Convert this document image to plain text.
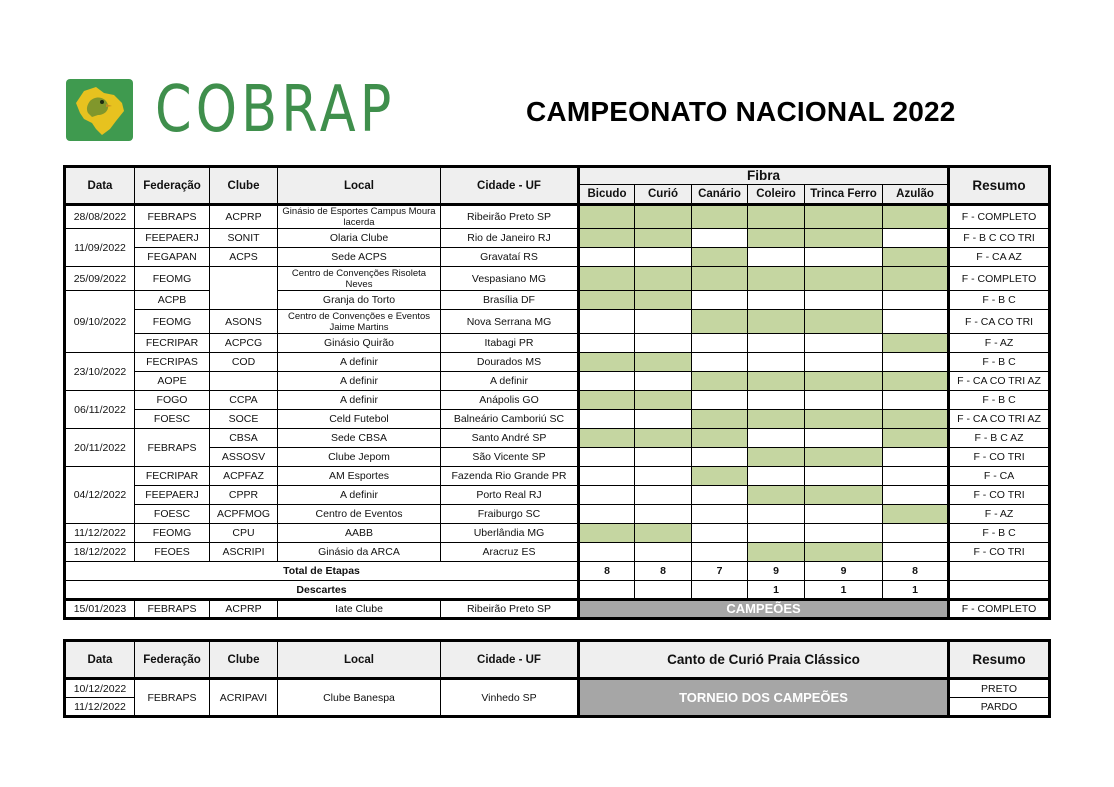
COBRAP	CAMPEONATO NACIONAL 2022
Data	Federação	Clube	Local	Cidade - UF	Fibra						Resumo
					Bicudo	Curió	Canário	Coleiro	Trinca Ferro	Azulão	
28/08/2022	FEBRAPS	ACPRP	Ginásio de Esportes Campus Moura lacerda	Ribeirão Preto SP							F - COMPLETO
11/09/2022	FEEPAERJ	SONIT	Olaria Clube	Rio de Janeiro RJ							F - B C CO TRI
	FEGAPAN	ACPS	Sede ACPS	Gravataí RS							F - CA AZ
25/09/2022	FEOMG		Centro de Convenções Risoleta Neves	Vespasiano MG							F - COMPLETO
09/10/2022	ACPB		Granja do Torto	Brasília DF							F - B C
	FEOMG	ASONS	Centro de Convenções e Eventos Jaime Martins	Nova Serrana MG							F - CA CO TRI
	FECRIPAR	ACPCG	Ginásio Quirão	Itabagi PR							F - AZ
23/10/2022	FECRIPAS	COD	A definir	Dourados MS							F - B C
	AOPE		A definir	A definir							F - CA CO TRI AZ
06/11/2022	FOGO	CCPA	A definir	Anápolis GO							F - B C
	FOESC	SOCE	Celd Futebol	Balneário Camboriú SC							F - CA CO TRI AZ
20/11/2022	FEBRAPS	CBSA	Sede CBSA	Santo André SP							F - B C AZ
		ASSOSV	Clube Jepom	São Vicente SP							F - CO TRI
04/12/2022	FECRIPAR	ACPFAZ	AM Esportes	Fazenda Rio Grande PR							F - CA
	FEEPAERJ	CPPR	A definir	Porto Real RJ							F - CO TRI
	FOESC	ACPFMOG	Centro de Eventos	Fraiburgo SC							F - AZ
11/12/2022	FEOMG	CPU	AABB	Uberlândia MG							F - B C
18/12/2022	FEOES	ASCRIPI	Ginásio da ARCA	Aracruz ES							F - CO TRI
Total de Etapas					8	8	7	9	9	8	
Descartes								1	1	1	
15/01/2023	FEBRAPS	ACPRP	Iate Clube	Ribeirão Preto SP	CAMPEÕES						F - COMPLETO
Data	Federação	Clube	Local	Cidade - UF	Canto de Curió Praia Clássico	Resumo
10/12/2022	FEBRAPS	ACRIPAVI	Clube Banespa	Vinhedo SP	TORNEIO DOS CAMPEÕES	PRETO
11/12/2022						PARDO
